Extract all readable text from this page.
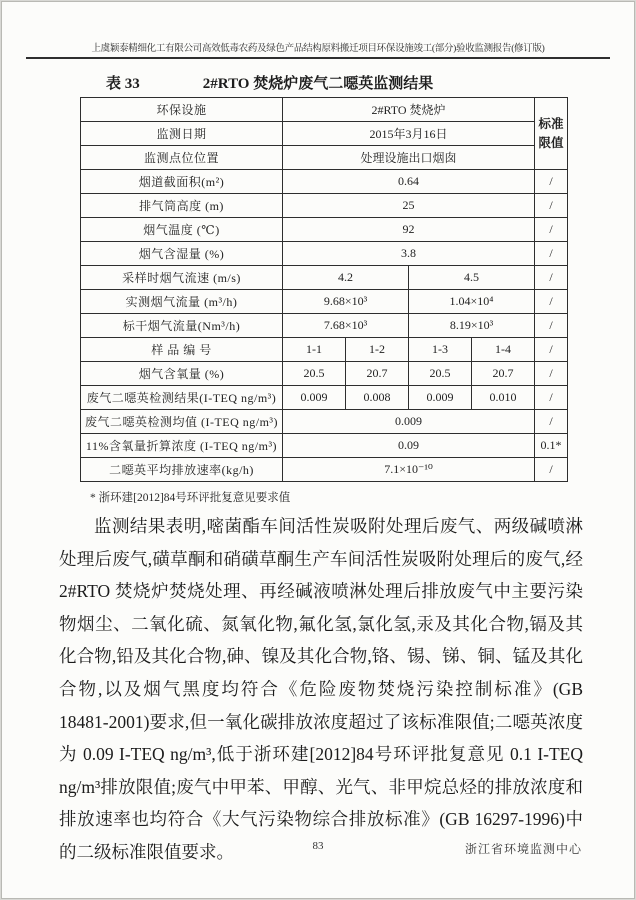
上虞颖泰精细化工有限公司高效低毒农药及绿色产品结构原料搬迁项目环保设施竣工(部分)验收监测报告(修订版)
表 33	2#RTO 焚烧炉废气二噁英监测结果
环保设施	2#RTO 焚烧炉				标准限值
监测日期	2015年3月16日				
监测点位位置	处理设施出口烟囱				
烟道截面积(m²)	0.64				/
排气筒高度 (m)	25				/
烟气温度 (℃)	92				/
烟气含湿量 (%)	3.8				/
采样时烟气流速 (m/s)	4.2		4.5		/
实测烟气流量 (m³/h)	9.68×10³		1.04×10⁴		/
标干烟气流量(Nm³/h)	7.68×10³		8.19×10³		/
样 品 编 号	1-1	1-2	1-3	1-4	/
烟气含氧量 (%)	20.5	20.7	20.5	20.7	/
废气二噁英检测结果(I-TEQ ng/m³)	0.009	0.008	0.009	0.010	/
废气二噁英检测均值 (I-TEQ ng/m³)	0.009				/
11%含氧量折算浓度 (I-TEQ ng/m³)	0.09				0.1*
二噁英平均排放速率(kg/h)	7.1×10⁻¹⁰				/
* 浙环建[2012]84号环评批复意见要求值
监测结果表明,嘧菌酯车间活性炭吸附处理后废气、两级碱喷淋处理后废气,磺草酮和硝磺草酮生产车间活性炭吸附处理后的废气,经 2#RTO 焚烧炉焚烧处理、再经碱液喷淋处理后排放废气中主要污染物烟尘、二氧化硫、氮氧化物,氟化氢,氯化氢,汞及其化合物,镉及其化合物,铅及其化合物,砷、镍及其化合物,铬、锡、锑、铜、锰及其化合物,以及烟气黑度均符合《危险废物焚烧污染控制标准》(GB 18481-2001)要求,但一氧化碳排放浓度超过了该标准限值;二噁英浓度为 0.09 I-TEQ ng/m³,低于浙环建[2012]84号环评批复意见 0.1 I-TEQ ng/m³排放限值;废气中甲苯、甲醇、光气、非甲烷总烃的排放浓度和排放速率也均符合《大气污染物综合排放标准》(GB 16297-1996)中的二级标准限值要求。	83	浙江省环境监测中心
